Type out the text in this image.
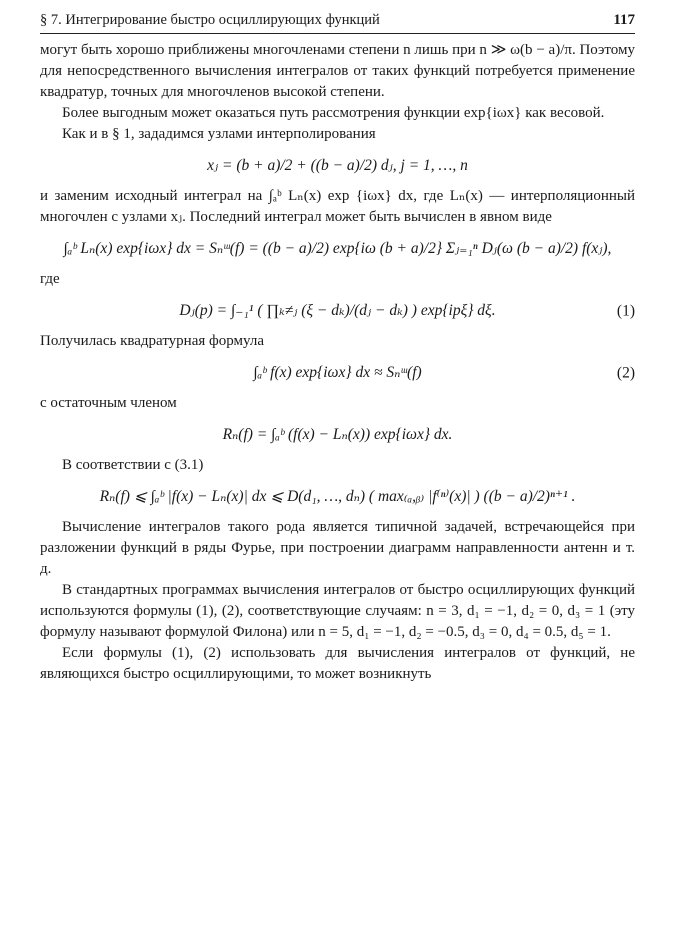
§ 7. Интегрирование быстро осциллирующих функций	117

могут быть хорошо приближены многочленами степени n лишь при n ≫ ω(b − a)/π. Поэтому для непосредственного вычисления интегралов от таких функций потребуется применение квадратур, точных для многочленов высокой степени.

Более выгодным может оказаться путь рассмотрения функции exp{iωx} как весовой.

Как и в § 1, зададимся узлами интерполирования

xⱼ = (b + a)/2 + ((b − a)/2) dⱼ, j = 1, …, n

и заменим исходный интеграл на ∫ₐᵇ Lₙ(x) exp {iωx} dx, где Lₙ(x) — интерполяционный многочлен с узлами xⱼ. Последний интеграл может быть вычислен в явном виде

∫ₐᵇ Lₙ(x) exp{iωx} dx = Sₙᵚ(f) = ((b − a)/2) exp{iω (b + a)/2} Σⱼ₌₁ⁿ Dⱼ(ω (b − a)/2) f(xⱼ),

где

Dⱼ(p) = ∫₋₁¹ ( ∏ₖ≠ⱼ (ξ − dₖ)/(dⱼ − dₖ) ) exp{ipξ} dξ.	(1)

Получилась квадратурная формула

∫ₐᵇ f(x) exp{iωx} dx ≈ Sₙᵚ(f)	(2)

с остаточным членом

Rₙ(f) = ∫ₐᵇ (f(x) − Lₙ(x)) exp{iωx} dx.

В соответствии с (3.1)

Rₙ(f) ⩽ ∫ₐᵇ |f(x) − Lₙ(x)| dx ⩽ D(d₁, …, dₙ) ( max₍ₐ,ᵦ₎ |f⁽ⁿ⁾(x)| ) ((b − a)/2)ⁿ⁺¹ .

Вычисление интегралов такого рода является типичной задачей, встречающейся при разложении функций в ряды Фурье, при построении диаграмм направленности антенн и т. д.

В стандартных программах вычисления интегралов от быстро осциллирующих функций используются формулы (1), (2), соответствующие случаям: n = 3, d₁ = −1, d₂ = 0, d₃ = 1 (эту формулу называют формулой Филона) или n = 5, d₁ = −1, d₂ = −0.5, d₃ = 0, d₄ = 0.5, d₅ = 1.

Если формулы (1), (2) использовать для вычисления интегралов от функций, не являющихся быстро осциллирующими, то может возникнуть
